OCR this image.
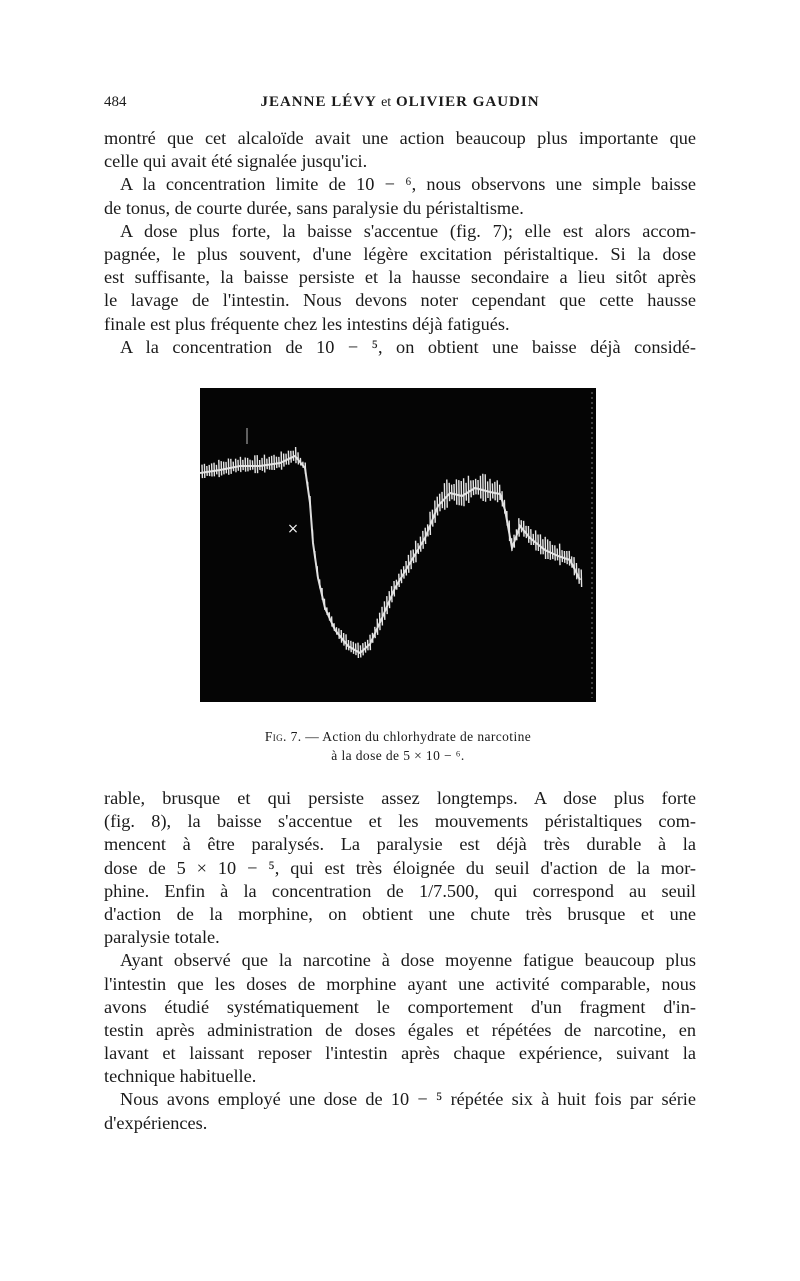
484	JEANNE LÉVY et OLIVIER GAUDIN
montré que cet alcaloïde avait une action beaucoup plus importante que
celle qui avait été signalée jusqu'ici.
A la concentration limite de 10 − ⁶, nous observons une simple baisse
de tonus, de courte durée, sans paralysie du péristaltisme.
A dose plus forte, la baisse s'accentue (fig. 7); elle est alors accom-
pagnée, le plus souvent, d'une légère excitation péristaltique. Si la dose
est suffisante, la baisse persiste et la hausse secondaire a lieu sitôt après
le lavage de l'intestin. Nous devons noter cependant que cette hausse
finale est plus fréquente chez les intestins déjà fatigués.
A la concentration de 10 − ⁵, on obtient une baisse déjà considé-
×
Fig. 7. — Action du chlorhydrate de narcotine
à la dose de 5 × 10 − ⁶.
rable, brusque et qui persiste assez longtemps. A dose plus forte
(fig. 8), la baisse s'accentue et les mouvements péristaltiques com-
mencent à être paralysés. La paralysie est déjà très durable à la
dose de 5 × 10 − ⁵, qui est très éloignée du seuil d'action de la mor-
phine. Enfin à la concentration de 1/7.500, qui correspond au seuil
d'action de la morphine, on obtient une chute très brusque et une
paralysie totale.
Ayant observé que la narcotine à dose moyenne fatigue beaucoup plus
l'intestin que les doses de morphine ayant une activité comparable, nous
avons étudié systématiquement le comportement d'un fragment d'in-
testin après administration de doses égales et répétées de narcotine, en
lavant et laissant reposer l'intestin après chaque expérience, suivant la
technique habituelle.
Nous avons employé une dose de 10 − ⁵ répétée six à huit fois par série
d'expériences.
